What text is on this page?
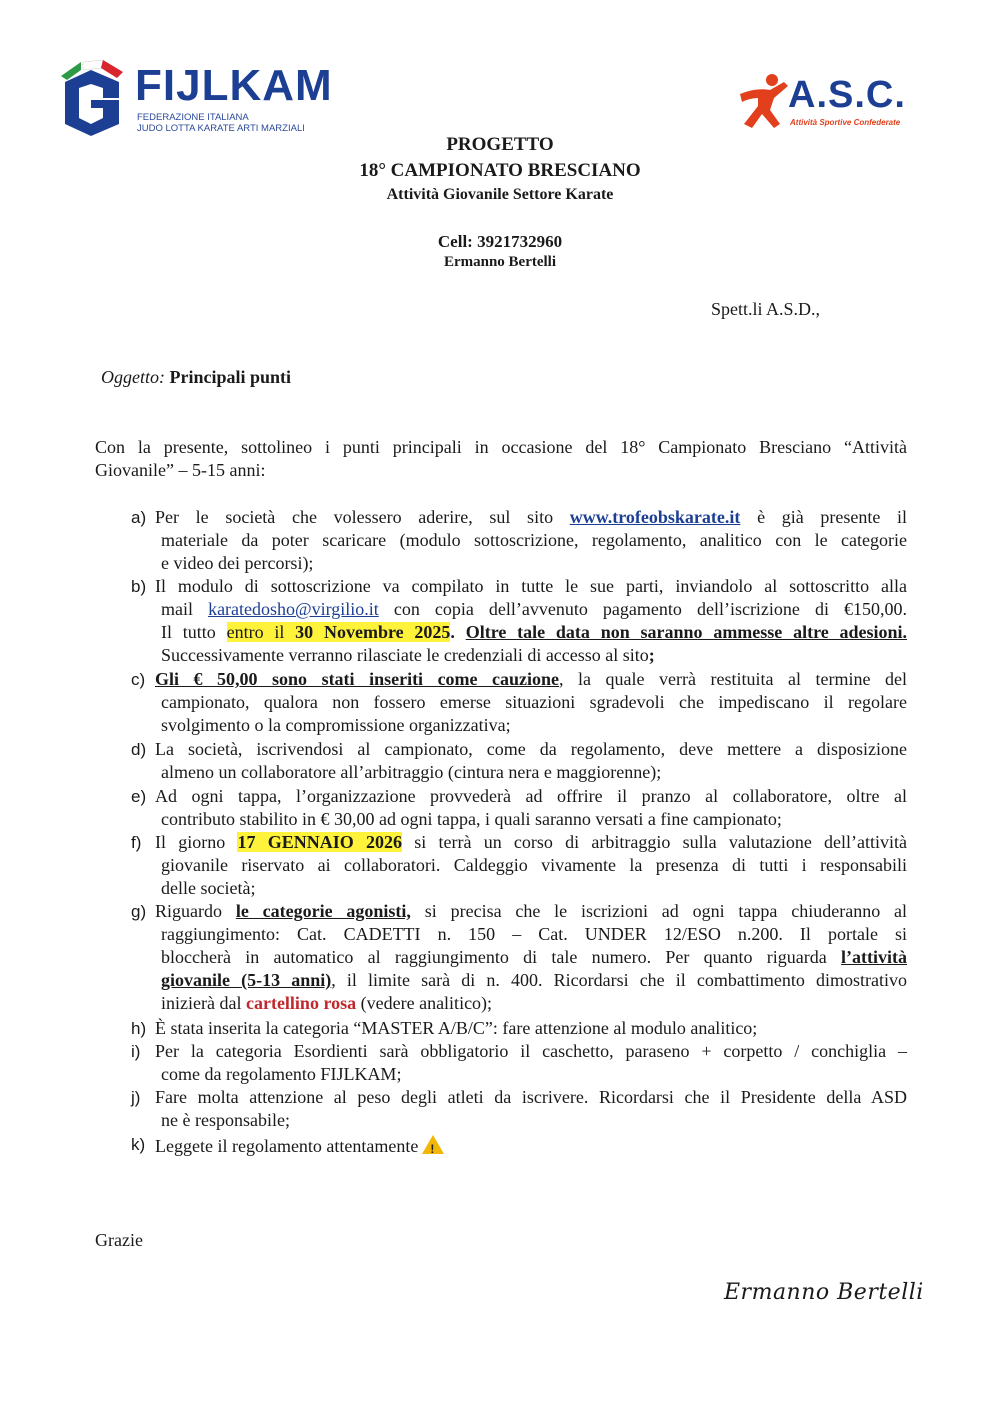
FIJLKAM
FEDERAZIONE ITALIANA
JUDO LOTTA KARATE ARTI MARZIALI
A.S.C.
Attività Sportive Confederate
PROGETTO
18° CAMPIONATO BRESCIANO
Attività Giovanile Settore Karate
Cell: 3921732960
Ermanno Bertelli
Spett.li A.S.D.,
Oggetto: Principali punti
Con la presente, sottolineo i punti principali in occasione del 18° Campionato Bresciano “Attività
Giovanile” – 5-15 anni:
a) Per le società che volessero aderire, sul sito www.trofeobskarate.it è già presente il
materiale da poter scaricare (modulo sottoscrizione, regolamento, analitico con le categorie
e video dei percorsi);
b) Il modulo di sottoscrizione va compilato in tutte le sue parti, inviandolo al sottoscritto alla
mail karatedosho@virgilio.it con copia dell’avvenuto pagamento dell’iscrizione di €150,00.
Il tutto entro il 30 Novembre 2025. Oltre tale data non saranno ammesse altre adesioni.
Successivamente verranno rilasciate le credenziali di accesso al sito;
c) Gli € 50,00 sono stati inseriti come cauzione, la quale verrà restituita al termine del
campionato, qualora non fossero emerse situazioni sgradevoli che impediscano il regolare
svolgimento o la compromissione organizzativa;
d) La società, iscrivendosi al campionato, come da regolamento, deve mettere a disposizione
almeno un collaboratore all’arbitraggio (cintura nera e maggiorenne);
e) Ad ogni tappa, l’organizzazione provvederà ad offrire il pranzo al collaboratore, oltre al
contributo stabilito in € 30,00 ad ogni tappa, i quali saranno versati a fine campionato;
f) Il giorno 17 GENNAIO 2026 si terrà un corso di arbitraggio sulla valutazione dell’attività
giovanile riservato ai collaboratori. Caldeggio vivamente la presenza di tutti i responsabili
delle società;
g) Riguardo le categorie agonisti, si precisa che le iscrizioni ad ogni tappa chiuderanno al
raggiungimento: Cat. CADETTI n. 150 – Cat. UNDER 12/ESO n.200. Il portale si
bloccherà in automatico al raggiungimento di tale numero. Per quanto riguarda l’attività
giovanile (5-13 anni), il limite sarà di n. 400. Ricordarsi che il combattimento dimostrativo
inizierà dal cartellino rosa (vedere analitico);
h) È stata inserita la categoria “MASTER A/B/C”: fare attenzione al modulo analitico;
i) Per la categoria Esordienti sarà obbligatorio il caschetto, paraseno + corpetto / conchiglia –
come da regolamento FIJLKAM;
j) Fare molta attenzione al peso degli atleti da iscrivere. Ricordarsi che il Presidente della ASD
ne è responsabile;
k) Leggete il regolamento attentamente !
Grazie
Ermanno Bertelli
